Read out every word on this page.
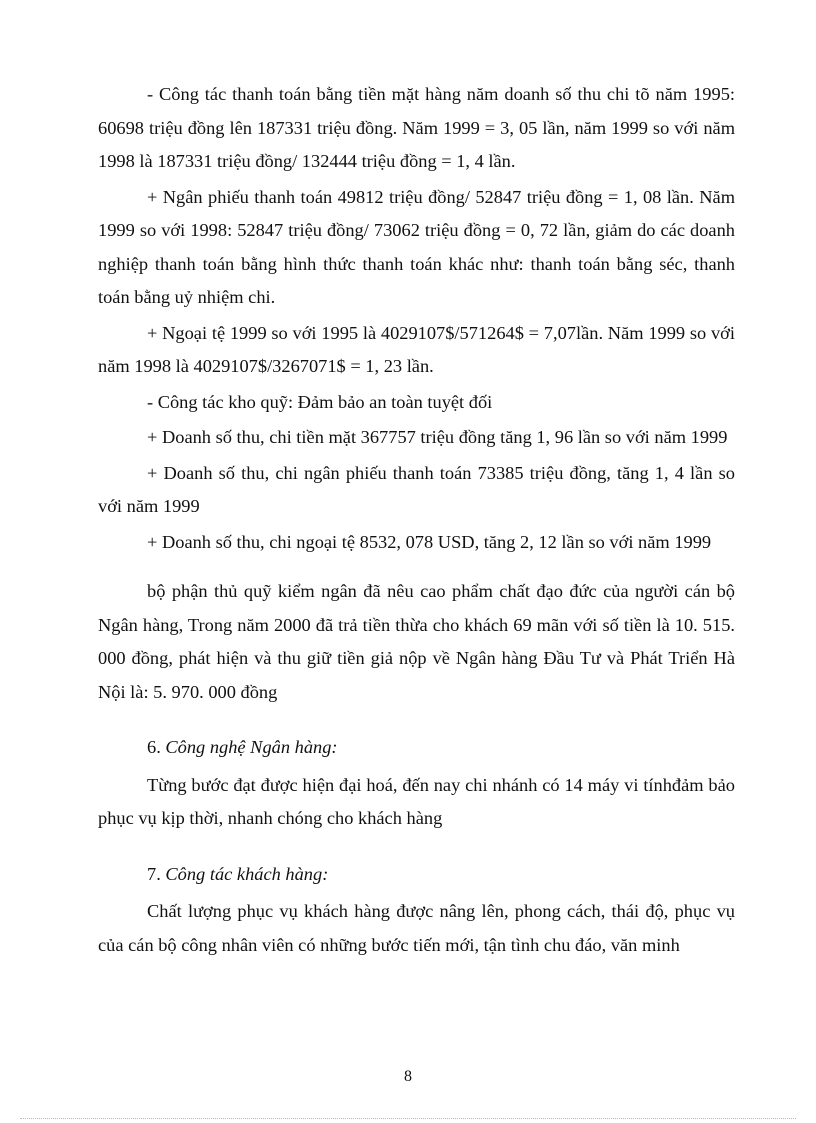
- Công tác thanh toán bằng tiền mặt hàng năm doanh số thu chi tõ năm 1995: 60698 triệu đồng lên 187331 triệu đồng. Năm 1999 = 3, 05 lần, năm 1999 so với năm 1998 là 187331 triệu đồng/ 132444 triệu đồng = 1, 4 lần.

+ Ngân phiếu thanh toán 49812 triệu đồng/ 52847 triệu đồng = 1, 08 lần. Năm 1999 so với 1998: 52847 triệu đồng/ 73062 triệu đồng = 0, 72 lần, giảm do các doanh nghiệp thanh toán bằng hình thức thanh toán khác như: thanh toán bằng séc, thanh toán bằng uỷ nhiệm chi.

+ Ngoại tệ 1999 so với 1995 là 4029107$/571264$ = 7,07lần. Năm 1999 so với năm 1998 là 4029107$/3267071$ = 1, 23 lần.

- Công tác kho quỹ: Đảm bảo an toàn tuyệt đối

+ Doanh số thu, chi tiền mặt 367757 triệu đồng tăng 1, 96 lần so với năm 1999

+ Doanh số thu, chi ngân phiếu thanh toán 73385 triệu đồng, tăng 1, 4 lần so với năm 1999

+ Doanh số thu, chi ngoại tệ 8532, 078 USD, tăng 2, 12 lần so với năm 1999

bộ phận thủ quỹ kiểm ngân đã nêu cao phẩm chất đạo đức của người cán bộ Ngân hàng, Trong năm 2000 đã trả tiền thừa cho khách 69 mãn với số tiền là 10. 515. 000 đồng, phát hiện và thu giữ tiền giả nộp về Ngân hàng Đầu Tư và Phát Triển Hà Nội là: 5. 970. 000 đồng

6. Công nghệ Ngân hàng:

Từng bước đạt được hiện đại hoá, đến nay chi nhánh có 14 máy vi tínhđảm bảo phục vụ kịp thời, nhanh chóng cho khách hàng

7. Công tác khách hàng:

Chất lượng phục vụ khách hàng được nâng lên, phong cách, thái độ, phục vụ của cán bộ công nhân viên có những bước tiến mới, tận tình chu đáo, văn minh

8
